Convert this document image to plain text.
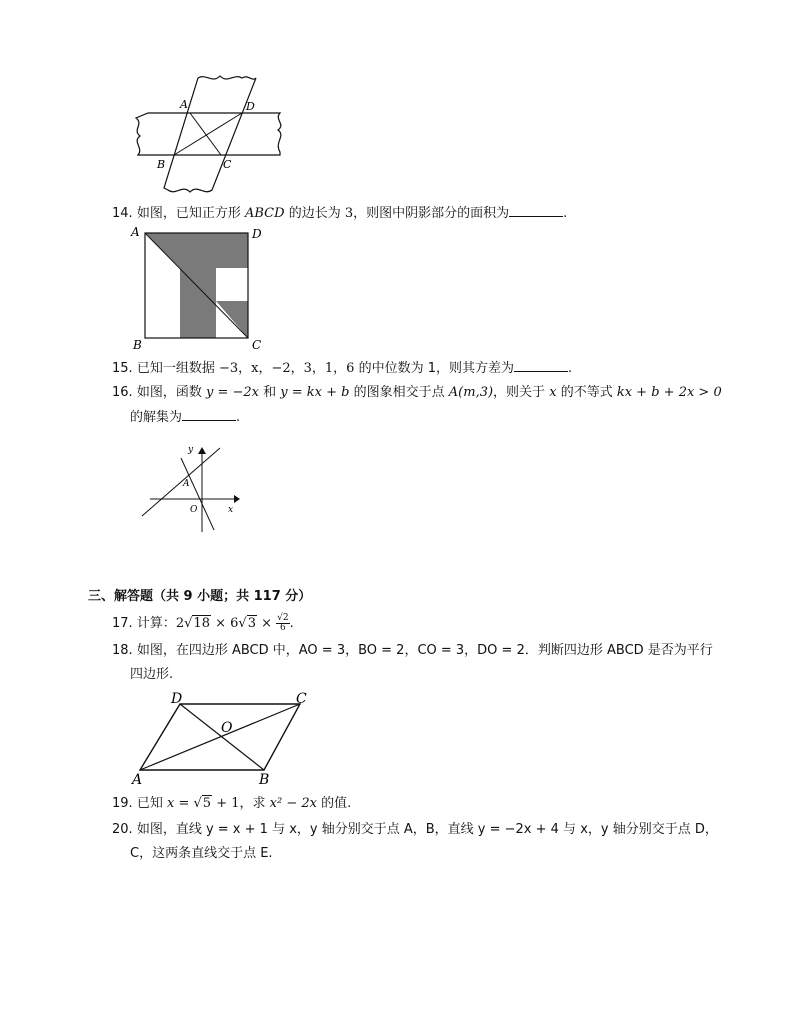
A	D
B	C
14. 如图，已知正方形 ABCD 的边长为 3，则图中阴影部分的面积为	.
A	D
B	C
15. 已知一组数据 −3，x，−2，3，1，6 的中位数为 1，则其方差为	.
16. 如图，函数 y = −2x 和 y = kx + b 的图象相交于点 A(m,3)，则关于 x 的不等式 kx + b + 2x > 0
的解集为	.
y
x
A
O
三、解答题（共 9 小题；共 117 分）
17. 计算：$2√18 \times 6√3 \times \frac{√2}{6}$ .
18. 如图，在四边形 ABCD 中，AO = 3，BO = 2，CO = 3，DO = 2．判断四边形 ABCD 是否为平行
四边形.
D	C
O
A	B
19. 已知 x = √5 + 1，求 x² − 2x 的值.
20. 如图，直线 y = x + 1 与 x，y 轴分别交于点 A，B，直线 y = −2x + 4 与 x，y 轴分别交于点 D，
C，这两条直线交于点 E.
